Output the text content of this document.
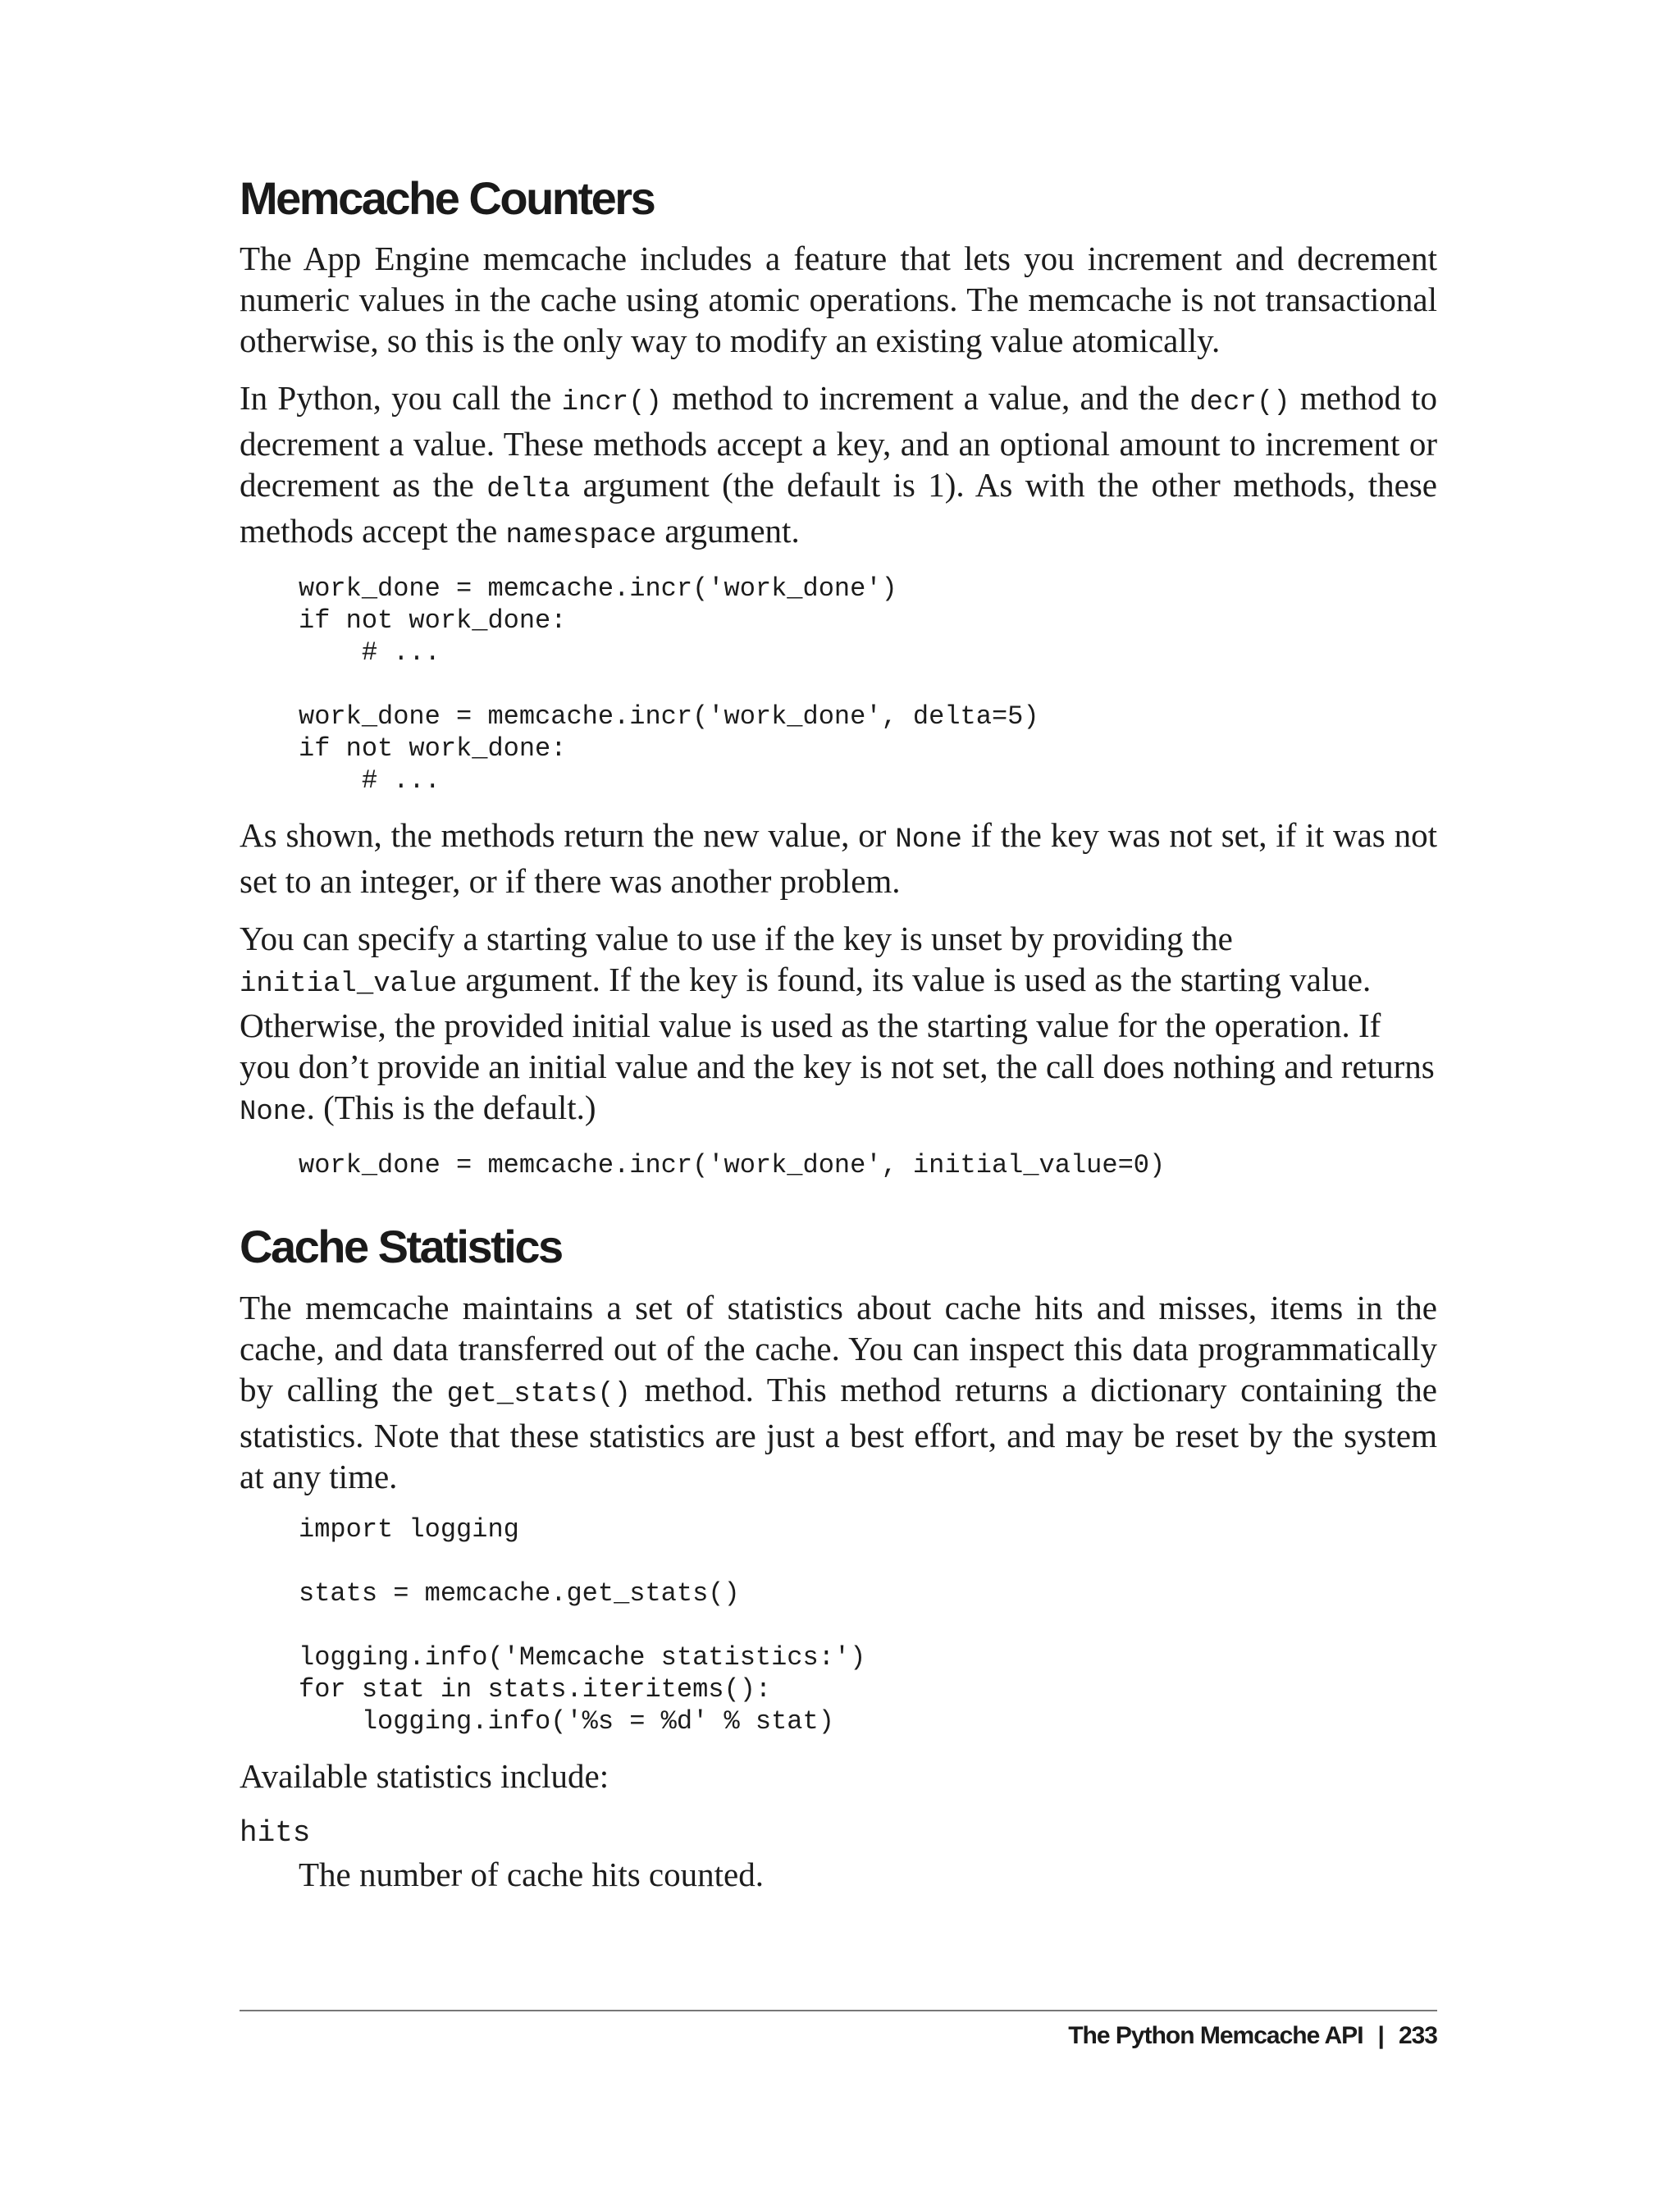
Memcache Counters

The App Engine memcache includes a feature that lets you increment and decrement numeric values in the cache using atomic operations. The memcache is not transactional otherwise, so this is the only way to modify an existing value atomically.

In Python, you call the incr() method to increment a value, and the decr() method to decrement a value. These methods accept a key, and an optional amount to increment or decrement as the delta argument (the default is 1). As with the other methods, these methods accept the namespace argument.

work_done = memcache.incr('work_done')
if not work_done:
# ...

work_done = memcache.incr('work_done', delta=5)
if not work_done:
# ...

As shown, the methods return the new value, or None if the key was not set, if it was not set to an integer, or if there was another problem.

You can specify a starting value to use if the key is unset by providing the initial_value argument. If the key is found, its value is used as the starting value. Otherwise, the provided initial value is used as the starting value for the operation. If you don’t provide an initial value and the key is not set, the call does nothing and returns None. (This is the default.)

work_done = memcache.incr('work_done', initial_value=0)
Cache Statistics

The memcache maintains a set of statistics about cache hits and misses, items in the cache, and data transferred out of the cache. You can inspect this data programmatically by calling the get_stats() method. This method returns a dictionary containing the statistics. Note that these statistics are just a best effort, and may be reset by the system at any time.

import logging

stats = memcache.get_stats()

logging.info('Memcache statistics:')
for stat in stats.iteritems():
logging.info('%s = %d' % stat)

Available statistics include:

hits
The number of cache hits counted.
The Python Memcache API | 233
